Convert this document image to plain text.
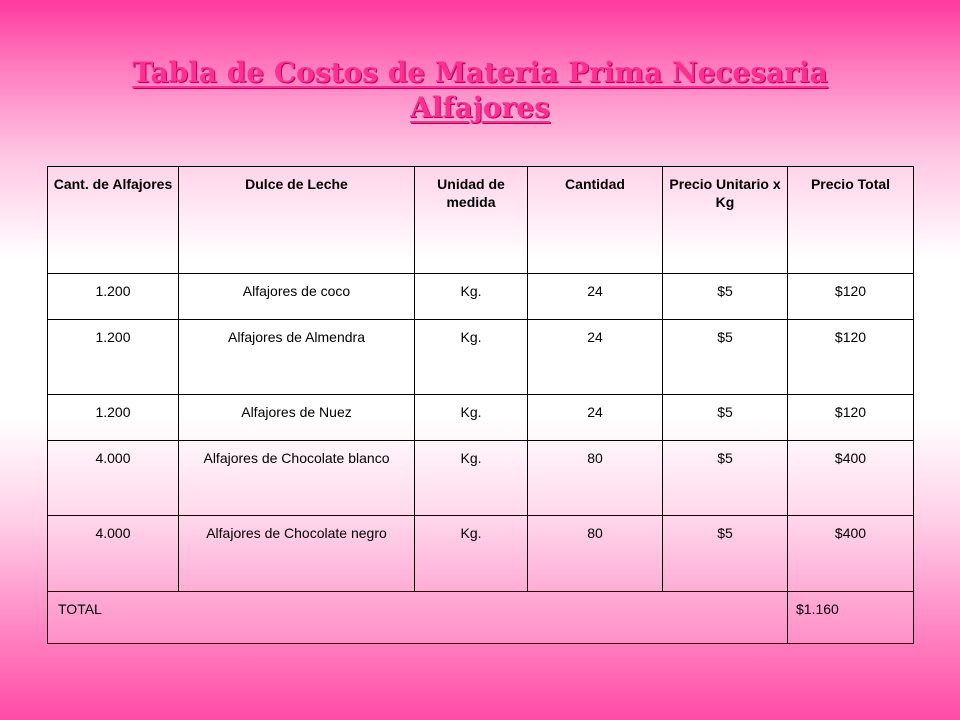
Tabla de Costos de Materia Prima Necesaria
Alfajores
Cant. de Alfajores	Dulce de Leche	Unidad de medida	Cantidad	Precio Unitario x Kg	Precio Total
1.200	Alfajores de coco	Kg.	24	$5	$120
1.200	Alfajores de Almendra	Kg.	24	$5	$120
1.200	Alfajores de Nuez	Kg.	24	$5	$120
4.000	Alfajores de Chocolate blanco	Kg.	80	$5	$400
4.000	Alfajores de Chocolate negro	Kg.	80	$5	$400
TOTAL					$1.160
